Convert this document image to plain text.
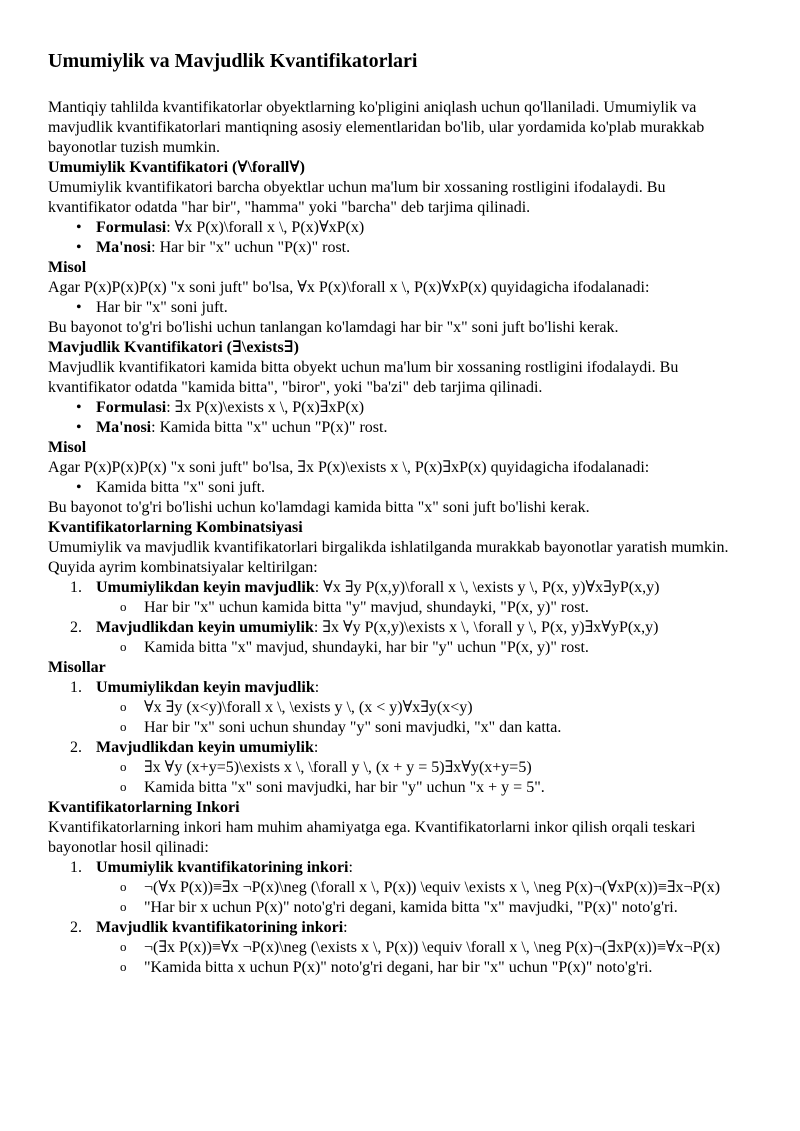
Umumiylik va Mavjudlik Kvantifikatorlari

Mantiqiy tahlilda kvantifikatorlar obyektlarning ko'pligini aniqlash uchun qo'llaniladi. Umumiylik va mavjudlik kvantifikatorlari mantiqning asosiy elementlaridan bo'lib, ular yordamida ko'plab murakkab bayonotlar tuzish mumkin.

Umumiylik Kvantifikatori (∀\forall∀)

Umumiylik kvantifikatori barcha obyektlar uchun ma'lum bir xossaning rostligini ifodalaydi. Bu kvantifikator odatda "har bir", "hamma" yoki "barcha" deb tarjima qilinadi.

• Formulasi: ∀x P(x)\forall x \, P(x)∀xP(x)
• Ma'nosi: Har bir "x" uchun "P(x)" rost.

Misol

Agar P(x)P(x)P(x) "x soni juft" bo'lsa, ∀x P(x)\forall x \, P(x)∀xP(x) quyidagicha ifodalanadi:

• Har bir "x" soni juft.

Bu bayonot to'g'ri bo'lishi uchun tanlangan ko'lamdagi har bir "x" soni juft bo'lishi kerak.

Mavjudlik Kvantifikatori (∃\exists∃)

Mavjudlik kvantifikatori kamida bitta obyekt uchun ma'lum bir xossaning rostligini ifodalaydi. Bu kvantifikator odatda "kamida bitta", "biror", yoki "ba'zi" deb tarjima qilinadi.

• Formulasi: ∃x P(x)\exists x \, P(x)∃xP(x)
• Ma'nosi: Kamida bitta "x" uchun "P(x)" rost.

Misol

Agar P(x)P(x)P(x) "x soni juft" bo'lsa, ∃x P(x)\exists x \, P(x)∃xP(x) quyidagicha ifodalanadi:

• Kamida bitta "x" soni juft.

Bu bayonot to'g'ri bo'lishi uchun ko'lamdagi kamida bitta "x" soni juft bo'lishi kerak.

Kvantifikatorlarning Kombinatsiyasi

Umumiylik va mavjudlik kvantifikatorlari birgalikda ishlatilganda murakkab bayonotlar yaratish mumkin. Quyida ayrim kombinatsiyalar keltirilgan:

1. Umumiylikdan keyin mavjudlik: ∀x ∃y P(x,y)\forall x \, \exists y \, P(x, y)∀x∃yP(x,y)
o Har bir "x" uchun kamida bitta "y" mavjud, shundayki, "P(x, y)" rost.
2. Mavjudlikdan keyin umumiylik: ∃x ∀y P(x,y)\exists x \, \forall y \, P(x, y)∃x∀yP(x,y)
o Kamida bitta "x" mavjud, shundayki, har bir "y" uchun "P(x, y)" rost.

Misollar

1. Umumiylikdan keyin mavjudlik:
o ∀x ∃y (x<y)\forall x \, \exists y \, (x < y)∀x∃y(x<y)
o Har bir "x" soni uchun shunday "y" soni mavjudki, "x" dan katta.
2. Mavjudlikdan keyin umumiylik:
o ∃x ∀y (x+y=5)\exists x \, \forall y \, (x + y = 5)∃x∀y(x+y=5)
o Kamida bitta "x" soni mavjudki, har bir "y" uchun "x + y = 5".

Kvantifikatorlarning Inkori

Kvantifikatorlarning inkori ham muhim ahamiyatga ega. Kvantifikatorlarni inkor qilish orqali teskari bayonotlar hosil qilinadi:

1. Umumiylik kvantifikatorining inkori:
o ¬(∀x P(x))≡∃x ¬P(x)\neg (\forall x \, P(x)) \equiv \exists x \, \neg P(x)¬(∀xP(x))≡∃x¬P(x)
o "Har bir x uchun P(x)" noto'g'ri degani, kamida bitta "x" mavjudki, "P(x)" noto'g'ri.
2. Mavjudlik kvantifikatorining inkori:
o ¬(∃x P(x))≡∀x ¬P(x)\neg (\exists x \, P(x)) \equiv \forall x \, \neg P(x)¬(∃xP(x))≡∀x¬P(x)
o "Kamida bitta x uchun P(x)" noto'g'ri degani, har bir "x" uchun "P(x)" noto'g'ri.
